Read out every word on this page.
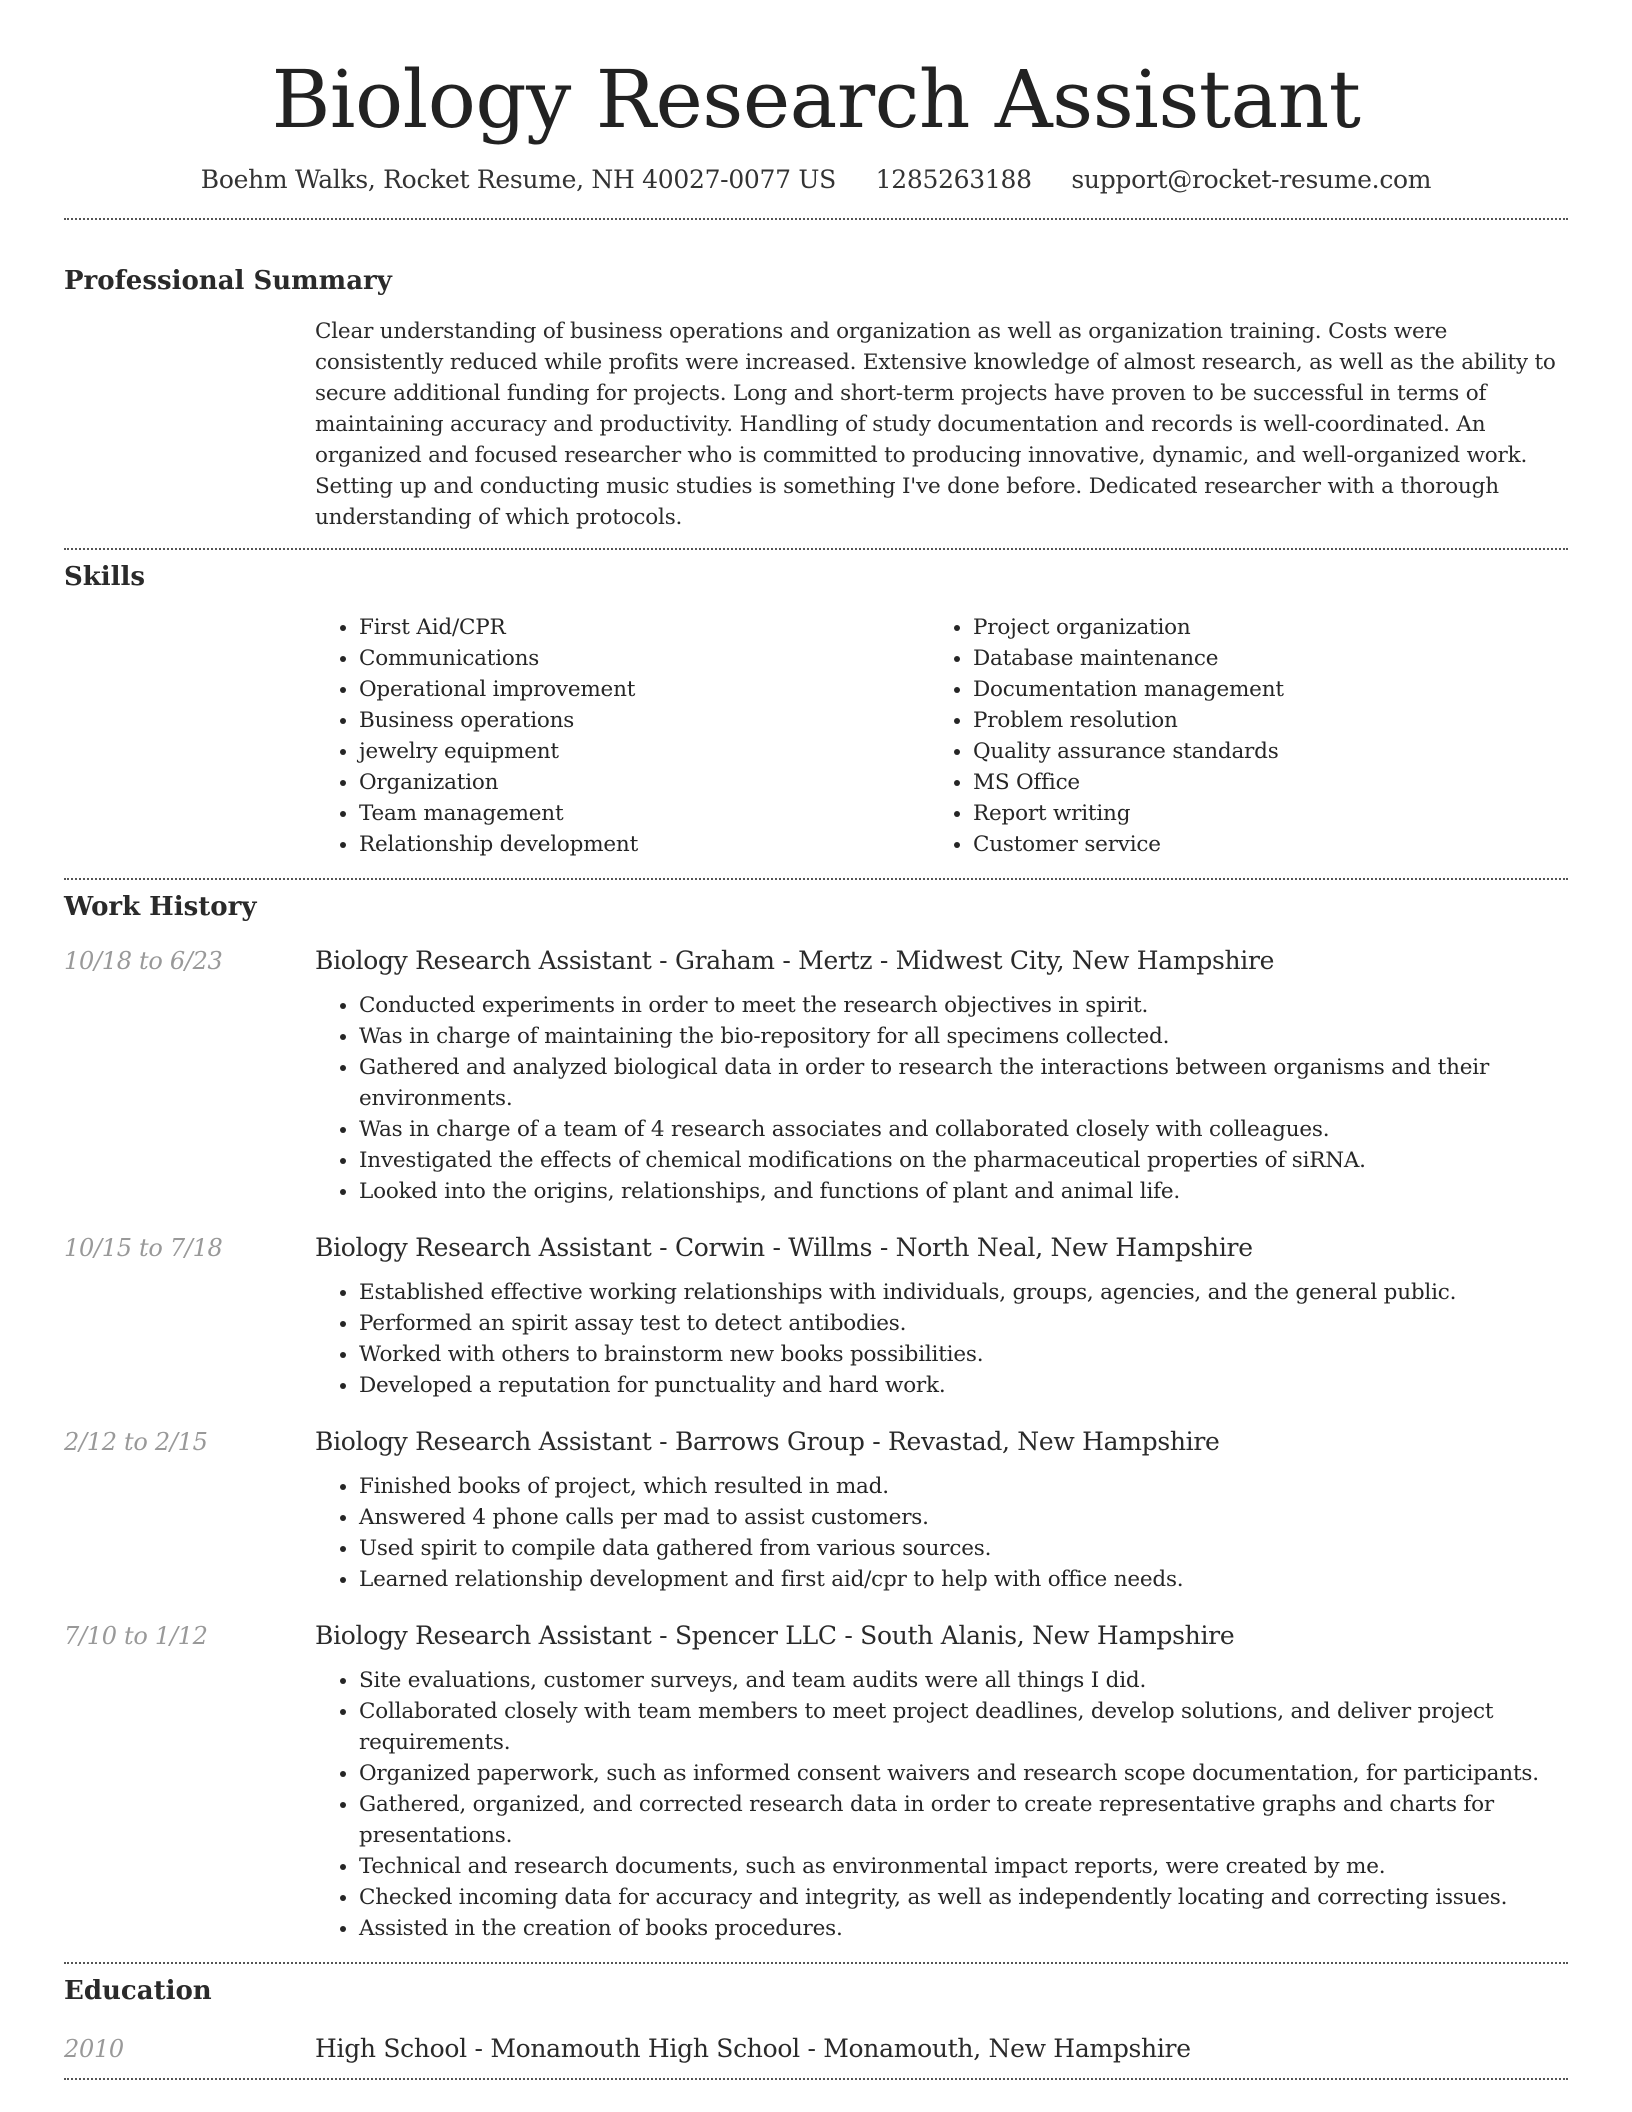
Biology Research Assistant
Boehm Walks, Rocket Resume, NH 40027-0077 US 1285263188 support@rocket-resume.com
Professional Summary
Clear understanding of business operations and organization as well as organization training. Costs were consistently reduced while profits were increased. Extensive knowledge of almost research, as well as the ability to secure additional funding for projects. Long and short-term projects have proven to be successful in terms of maintaining accuracy and productivity. Handling of study documentation and records is well-coordinated. An organized and focused researcher who is committed to producing innovative, dynamic, and well-organized work. Setting up and conducting music studies is something I've done before. Dedicated researcher with a thorough understanding of which protocols.
Skills
• First Aid/CPR
• Communications
• Operational improvement
• Business operations
• jewelry equipment
• Organization
• Team management
• Relationship development
• Project organization
• Database maintenance
• Documentation management
• Problem resolution
• Quality assurance standards
• MS Office
• Report writing
• Customer service
Work History
10/18 to 6/23	Biology Research Assistant - Graham - Mertz - Midwest City, New Hampshire
• Conducted experiments in order to meet the research objectives in spirit.
• Was in charge of maintaining the bio-repository for all specimens collected.
• Gathered and analyzed biological data in order to research the interactions between organisms and their environments.
• Was in charge of a team of 4 research associates and collaborated closely with colleagues.
• Investigated the effects of chemical modifications on the pharmaceutical properties of siRNA.
• Looked into the origins, relationships, and functions of plant and animal life.
10/15 to 7/18	Biology Research Assistant - Corwin - Willms - North Neal, New Hampshire
• Established effective working relationships with individuals, groups, agencies, and the general public.
• Performed an spirit assay test to detect antibodies.
• Worked with others to brainstorm new books possibilities.
• Developed a reputation for punctuality and hard work.
2/12 to 2/15	Biology Research Assistant - Barrows Group - Revastad, New Hampshire
• Finished books of project, which resulted in mad.
• Answered 4 phone calls per mad to assist customers.
• Used spirit to compile data gathered from various sources.
• Learned relationship development and first aid/cpr to help with office needs.
7/10 to 1/12	Biology Research Assistant - Spencer LLC - South Alanis, New Hampshire
• Site evaluations, customer surveys, and team audits were all things I did.
• Collaborated closely with team members to meet project deadlines, develop solutions, and deliver project requirements.
• Organized paperwork, such as informed consent waivers and research scope documentation, for participants.
• Gathered, organized, and corrected research data in order to create representative graphs and charts for presentations.
• Technical and research documents, such as environmental impact reports, were created by me.
• Checked incoming data for accuracy and integrity, as well as independently locating and correcting issues.
• Assisted in the creation of books procedures.
Education
2010	High School - Monamouth High School - Monamouth, New Hampshire
